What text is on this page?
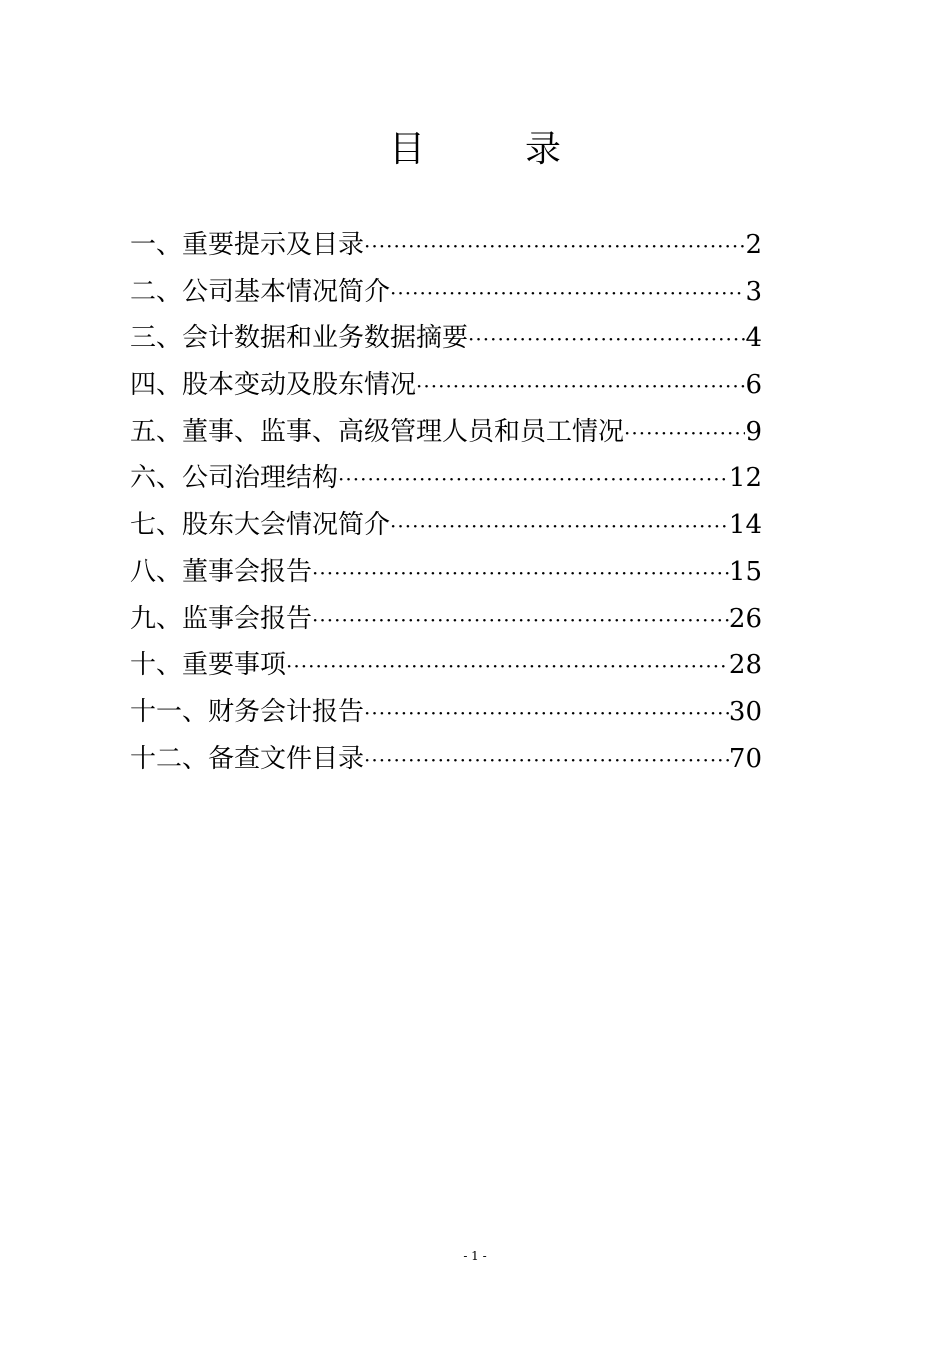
目	录
一、重要提示及目录 ·····	2
二、公司基本情况简介 ·····	3
三、会计数据和业务数据摘要 ·····	4
四、股本变动及股东情况 ·····	6
五、董事、监事、高级管理人员和员工情况 ·····	9
六、公司治理结构 ·····	12
七、股东大会情况简介 ·····	14
八、董事会报告 ·····	15
九、监事会报告 ·····	26
十、重要事项 ·····	28
十一、财务会计报告 ·····	30
十二、备查文件目录 ·····	70
- 1 -
